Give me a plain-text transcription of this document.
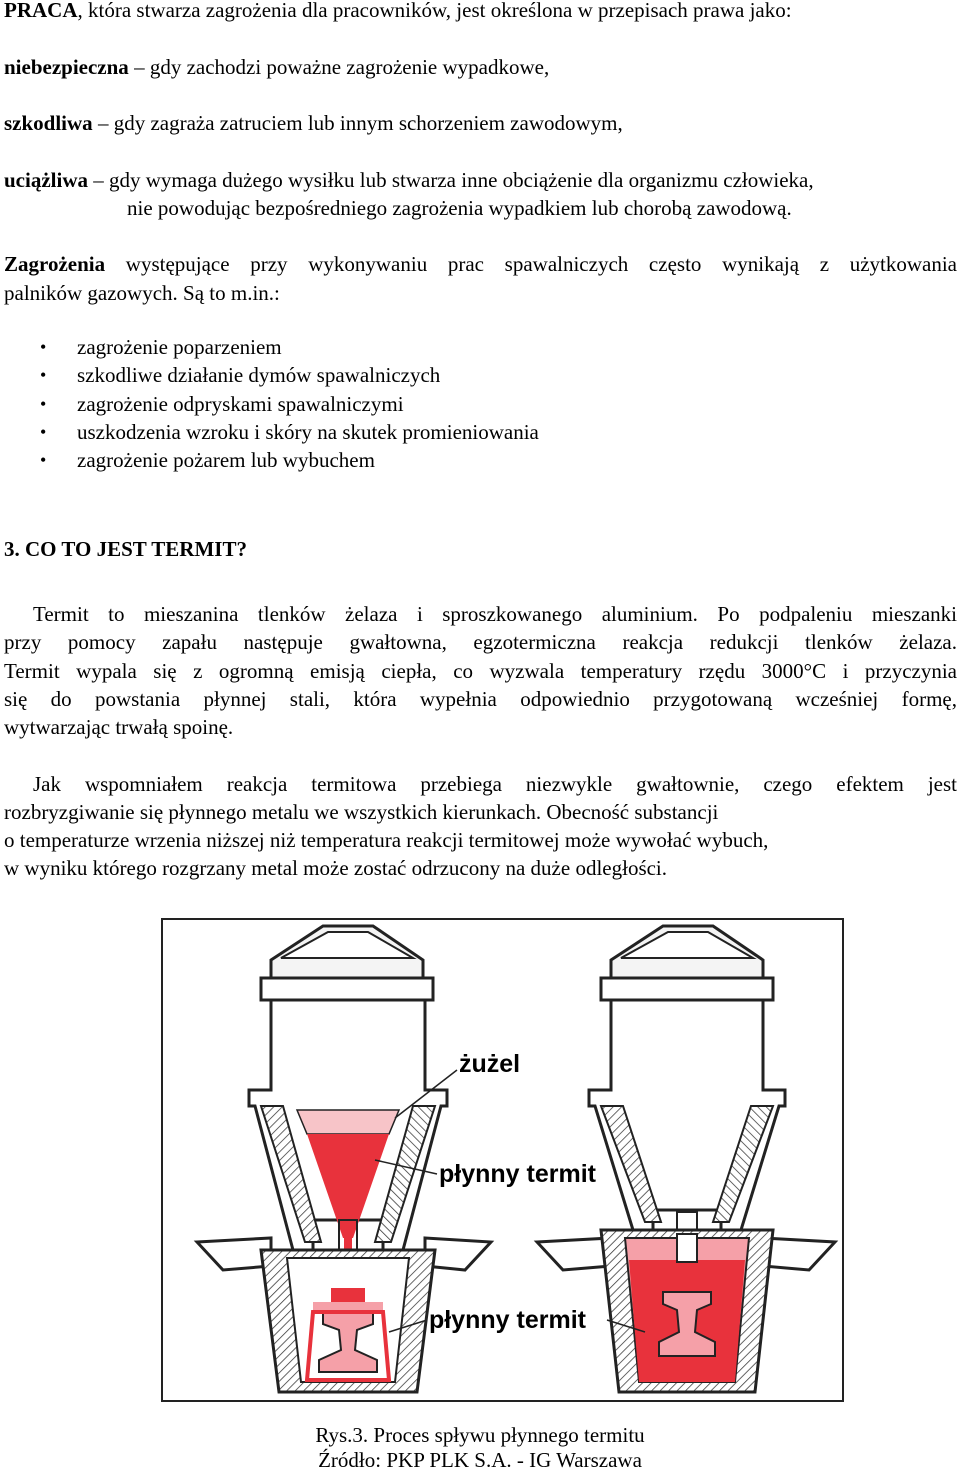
PRACA, która stwarza zagrożenia dla pracowników, jest określona w przepisach prawa jako:
niebezpieczna – gdy zachodzi poważne zagrożenie wypadkowe,
szkodliwa – gdy zagraża zatruciem lub innym schorzeniem zawodowym,
uciążliwa – gdy wymaga dużego wysiłku lub stwarza inne obciążenie dla organizmu człowieka,
nie powodując bezpośredniego zagrożenia wypadkiem lub chorobą zawodową.
Zagrożenia występujące przy wykonywaniu prac spawalniczych często wynikają z użytkowania
palników gazowych. Są to m.in.:
• zagrożenie poparzeniem
• szkodliwe działanie dymów spawalniczych
• zagrożenie odpryskami spawalniczymi
• uszkodzenia wzroku i skóry na skutek promieniowania
• zagrożenie pożarem lub wybuchem
3. CO TO JEST TERMIT?
Termit to mieszanina tlenków żelaza i sproszkowanego aluminium. Po podpaleniu mieszanki
przy pomocy zapału następuje gwałtowna, egzotermiczna reakcja redukcji tlenków żelaza.
Termit wypala się z ogromną emisją ciepła, co wyzwala temperatury rzędu 3000°C i przyczynia
się do powstania płynnej stali, która wypełnia odpowiednio przygotowaną wcześniej formę,
wytwarzając trwałą spoinę.
Jak wspomniałem reakcja termitowa przebiega niezwykle gwałtownie, czego efektem jest
rozbryzgiwanie się płynnego metalu we wszystkich kierunkach. Obecność substancji
o temperaturze wrzenia niższej niż temperatura reakcji termitowej może wywołać wybuch,
w wyniku którego rozgrzany metal może zostać odrzucony na duże odległości.
żużel
płynny termit
płynny termit
Rys.3. Proces spływu płynnego termitu
Źródło: PKP PLK S.A. - IG Warszawa
